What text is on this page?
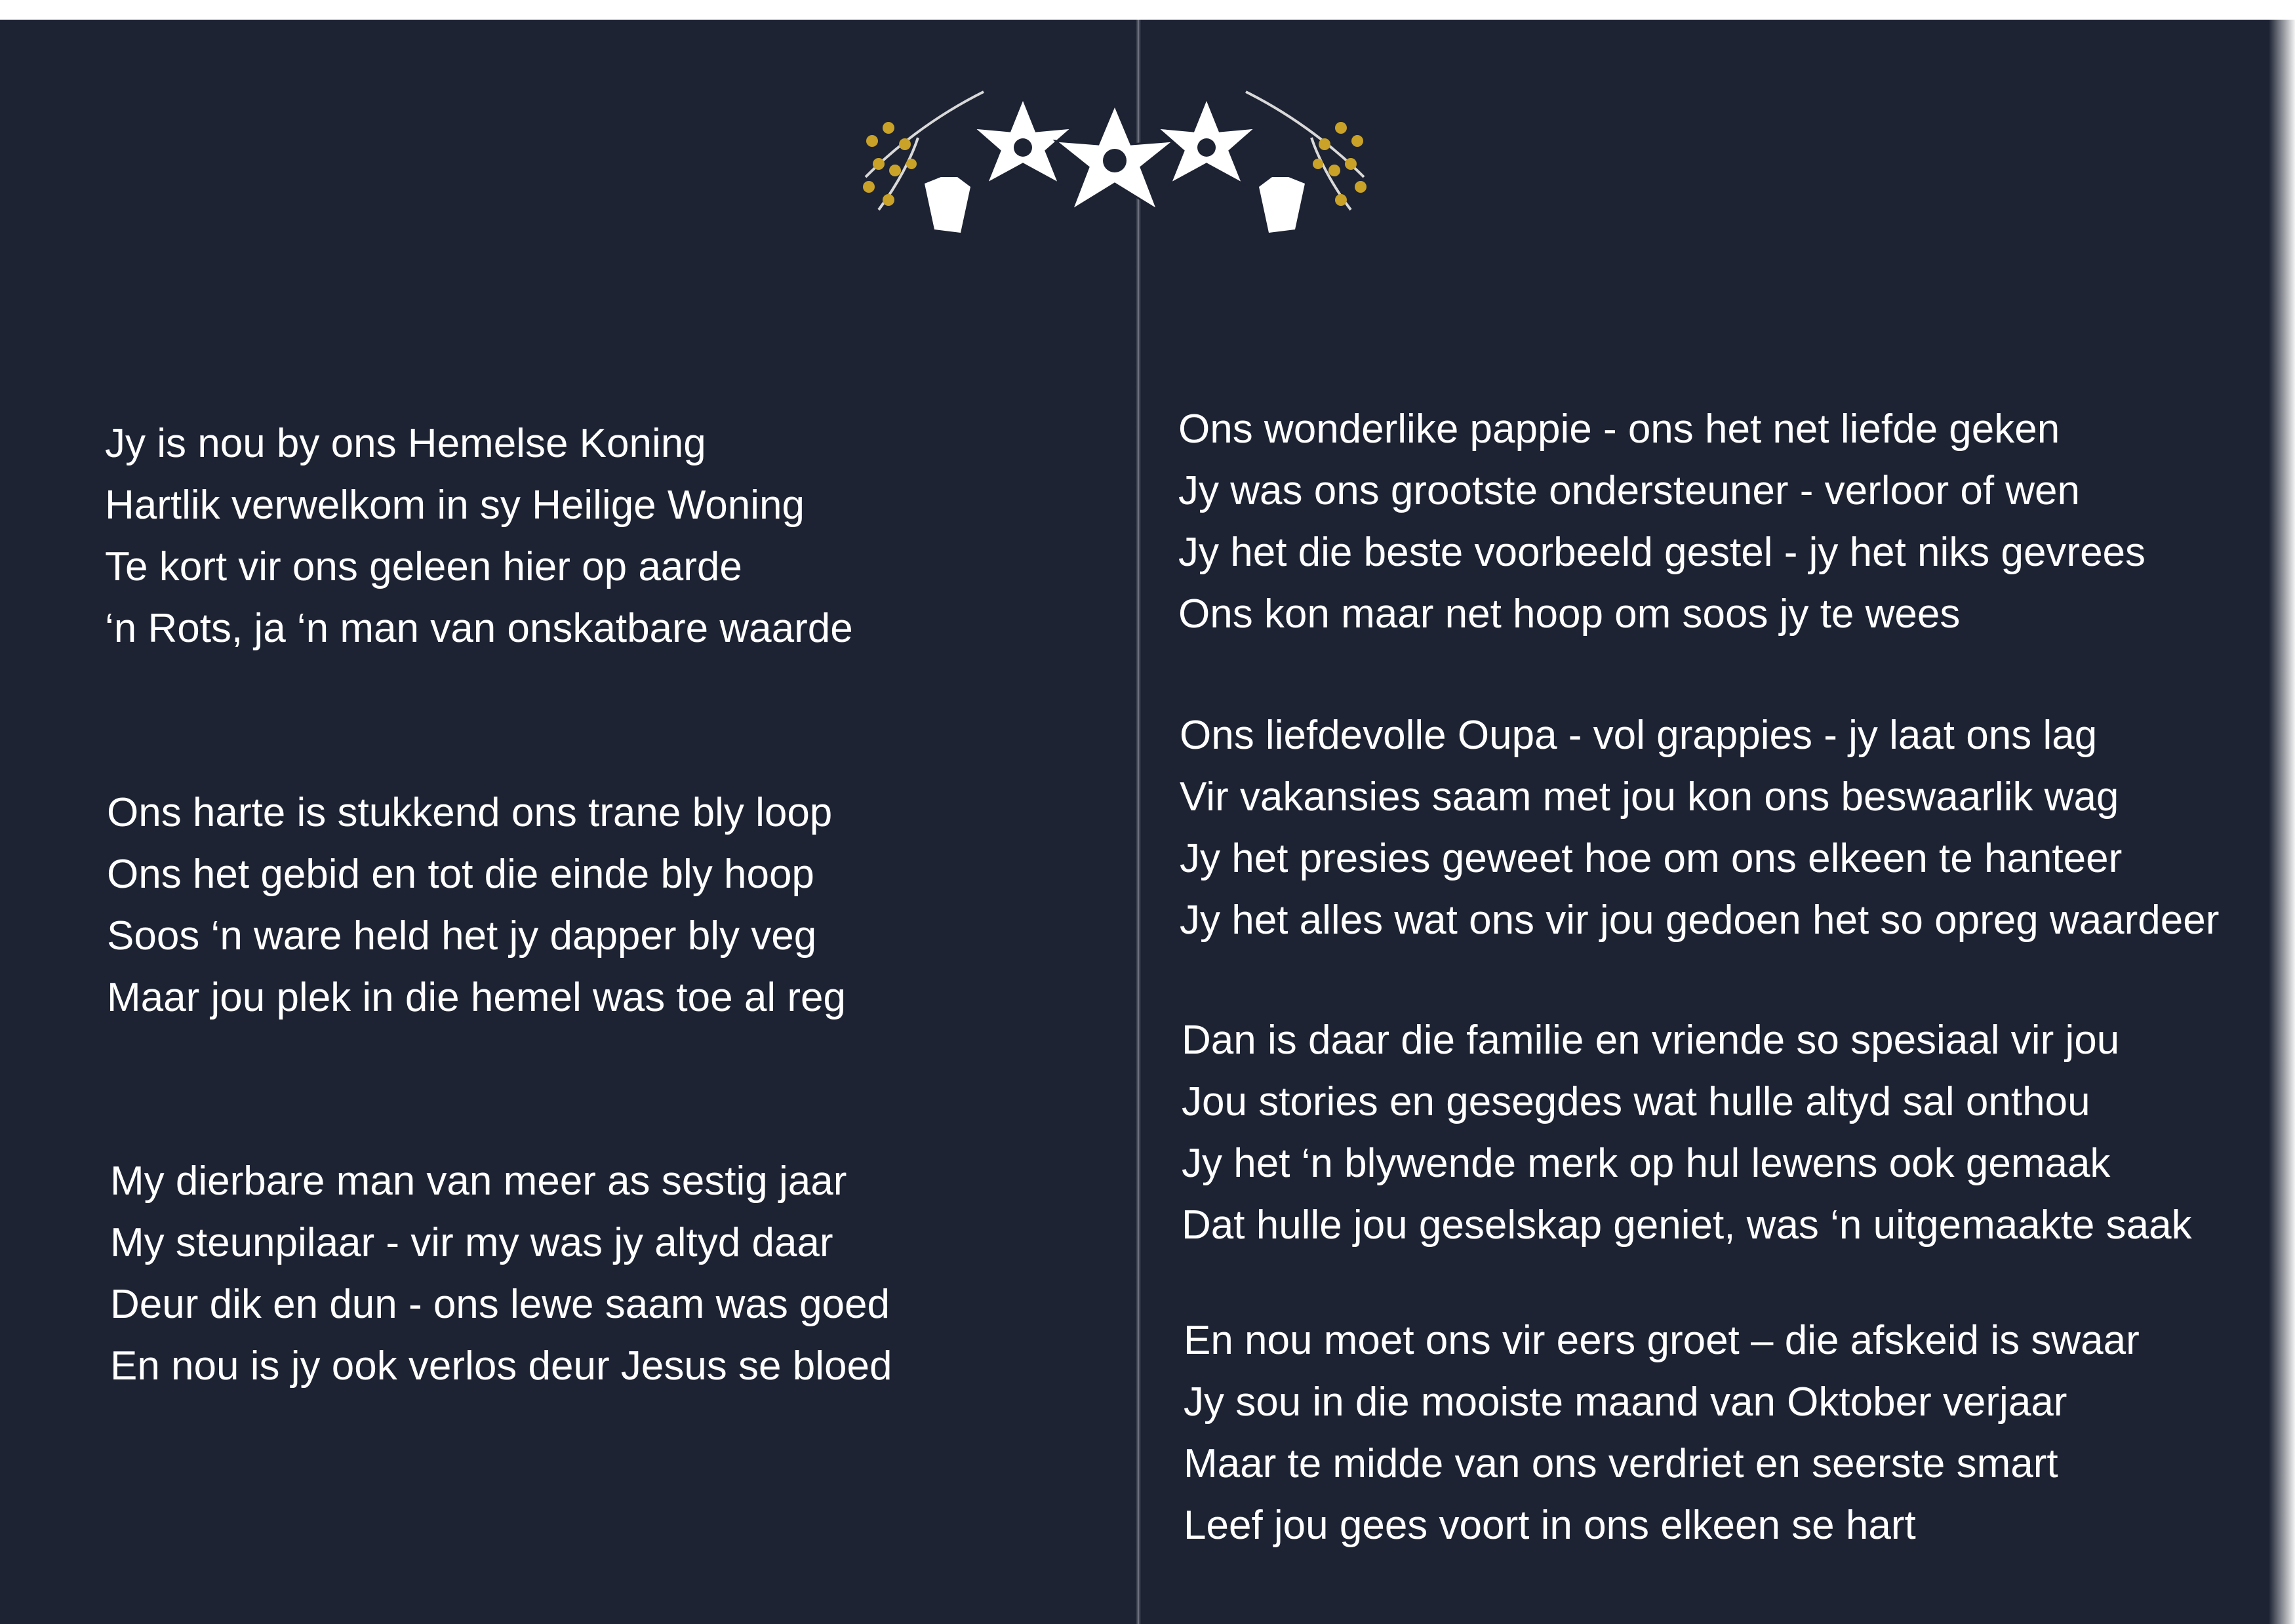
Jy is nou by ons Hemelse Koning
Hartlik verwelkom in sy Heilige Woning
Te kort vir ons geleen hier op aarde
‘n Rots, ja ‘n man van onskatbare waarde
Ons harte is stukkend ons trane bly loop
Ons het gebid en tot die einde bly hoop
Soos ‘n ware held het jy dapper bly veg
Maar jou plek in die hemel was toe al reg
My dierbare man van meer as sestig jaar
My steunpilaar - vir my was jy altyd daar
Deur dik en dun - ons lewe saam was goed
En nou is jy ook verlos deur Jesus se bloed
Ons wonderlike pappie - ons het net liefde geken
Jy was ons grootste ondersteuner - verloor of wen
Jy het die beste voorbeeld gestel - jy het niks gevrees
Ons kon maar net hoop om soos jy te wees
Ons liefdevolle Oupa - vol grappies - jy laat ons lag
Vir vakansies saam met jou kon ons beswaarlik wag
Jy het presies geweet hoe om ons elkeen te hanteer
Jy het alles wat ons vir jou gedoen het so opreg waardeer
Dan is daar die familie en vriende so spesiaal vir jou
Jou stories en gesegdes wat hulle altyd sal onthou
Jy het ‘n blywende merk op hul lewens ook gemaak
Dat hulle jou geselskap geniet, was ‘n uitgemaakte saak
En nou moet ons vir eers groet – die afskeid is swaar
Jy sou in die mooiste maand van Oktober verjaar
Maar te midde van ons verdriet en seerste smart
Leef jou gees voort in ons elkeen se hart
